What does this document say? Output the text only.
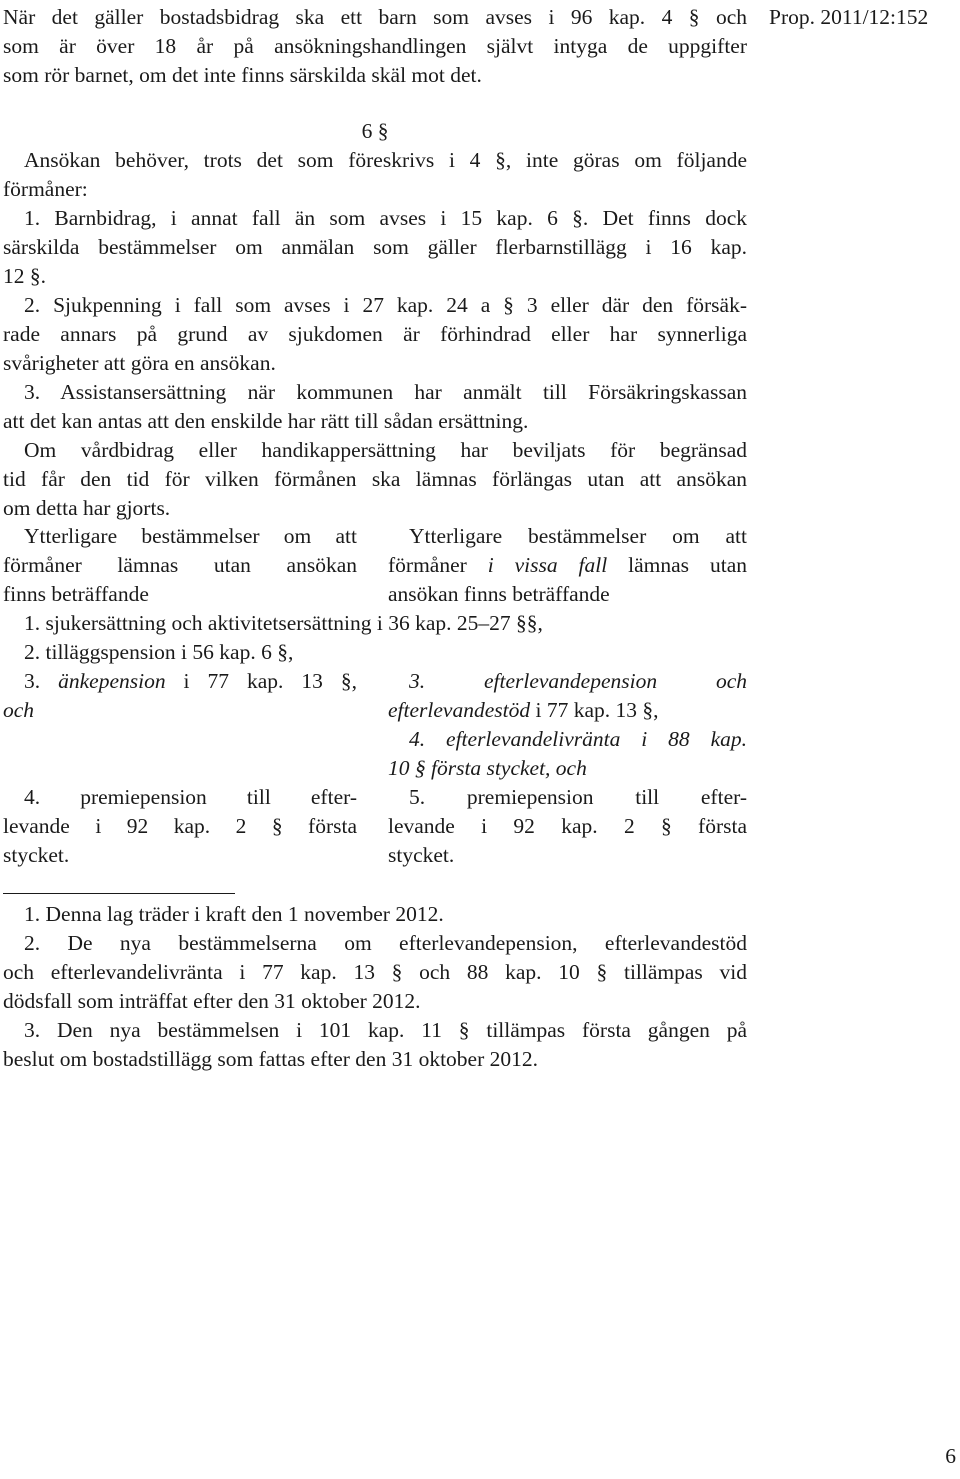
Prop. 2011/12:152

När det gäller bostadsbidrag ska ett barn som avses i 96 kap. 4 § och

som är över 18 år på ansökningshandlingen självt intyga de uppgifter

som rör barnet, om det inte finns särskilda skäl mot det.

6 §

Ansökan behöver, trots det som föreskrivs i 4 §, inte göras om följande

förmåner:

1. Barnbidrag, i annat fall än som avses i 15 kap. 6 §. Det finns dock

särskilda bestämmelser om anmälan som gäller flerbarnstillägg i 16 kap.

12 §.

2. Sjukpenning i fall som avses i 27 kap. 24 a § 3 eller där den försäk-

rade annars på grund av sjukdomen är förhindrad eller har synnerliga

svårigheter att göra en ansökan.

3. Assistansersättning när kommunen har anmält till Försäkringskassan

att det kan antas att den enskilde har rätt till sådan ersättning.

Om vårdbidrag eller handikappersättning har beviljats för begränsad

tid får den tid för vilken förmånen ska lämnas förlängas utan att ansökan

om detta har gjorts.

Ytterligare bestämmelser om att

förmåner lämnas utan ansökan

finns beträffande

Ytterligare bestämmelser om att

förmåner i vissa fall lämnas utan

ansökan finns beträffande

1. sjukersättning och aktivitetsersättning i 36 kap. 25–27 §§,

2. tilläggspension i 56 kap. 6 §,

3. änkepension i 77 kap. 13 §,

och

4. premiepension till efter-

levande i 92 kap. 2 § första

stycket.

3. efterlevandepension och

efterlevandestöd i 77 kap. 13 §,

4. efterlevandelivränta i 88 kap.

10 § första stycket, och

5. premiepension till efter-

levande i 92 kap. 2 § första

stycket.

1. Denna lag träder i kraft den 1 november 2012.

2. De nya bestämmelserna om efterlevandepension, efterlevandestöd

och efterlevandelivränta i 77 kap. 13 § och 88 kap. 10 § tillämpas vid

dödsfall som inträffat efter den 31 oktober 2012.

3. Den nya bestämmelsen i 101 kap. 11 § tillämpas första gången på

beslut om bostadstillägg som fattas efter den 31 oktober 2012.

6
